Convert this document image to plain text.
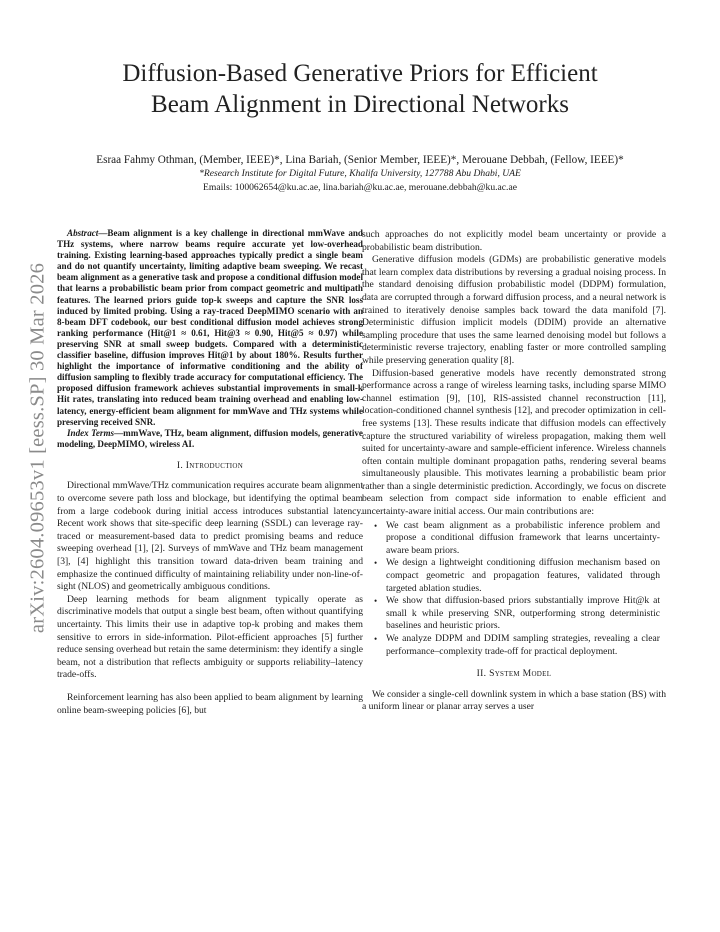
Diffusion-Based Generative Priors for Efficient
Beam Alignment in Directional Networks
Esraa Fahmy Othman, (Member, IEEE)*, Lina Bariah, (Senior Member, IEEE)*, Merouane Debbah, (Fellow, IEEE)*
*Research Institute for Digital Future, Khalifa University, 127788 Abu Dhabi, UAE
Emails: 100062654@ku.ac.ae, lina.bariah@ku.ac.ae, merouane.debbah@ku.ac.ae
arXiv:2604.09653v1 [eess.SP] 30 Mar 2026

Abstract—Beam alignment is a key challenge in directional mmWave and THz systems, where narrow beams require accurate yet low-overhead training. Existing learning-based approaches typically predict a single beam and do not quantify uncertainty, limiting adaptive beam sweeping. We recast beam alignment as a generative task and propose a conditional diffusion model that learns a probabilistic beam prior from compact geometric and multipath features. The learned priors guide top-k sweeps and capture the SNR loss induced by limited probing. Using a ray-traced DeepMIMO scenario with an 8-beam DFT codebook, our best conditional diffusion model achieves strong ranking performance (Hit@1 ≈ 0.61, Hit@3 ≈ 0.90, Hit@5 ≈ 0.97) while preserving SNR at small sweep budgets. Compared with a deterministic classifier baseline, diffusion improves Hit@1 by about 180%. Results further highlight the importance of informative conditioning and the ability of diffusion sampling to flexibly trade accuracy for computational efficiency. The proposed diffusion framework achieves substantial improvements in small-k Hit rates, translating into reduced beam training overhead and enabling low-latency, energy-efficient beam alignment for mmWave and THz systems while preserving received SNR.

Index Terms—mmWave, THz, beam alignment, diffusion models, generative modeling, DeepMIMO, wireless AI.

I. Introduction

Directional mmWave/THz communication requires accurate beam alignment to overcome severe path loss and blockage, but identifying the optimal beam from a large codebook during initial access introduces substantial latency. Recent work shows that site-specific deep learning (SSDL) can leverage ray-traced or measurement-based data to predict promising beams and reduce sweeping overhead [1], [2]. Surveys of mmWave and THz beam management [3], [4] highlight this transition toward data-driven beam training and emphasize the continued difficulty of maintaining reliability under non-line-of-sight (NLOS) and geometrically ambiguous conditions.

Deep learning methods for beam alignment typically operate as discriminative models that output a single best beam, often without quantifying uncertainty. This limits their use in adaptive top-k probing and makes them sensitive to errors in side-information. Pilot-efficient approaches [5] further reduce sensing overhead but retain the same determinism: they identify a single beam, not a distribution that reflects ambiguity or supports reliability–latency trade-offs.

Reinforcement learning has also been applied to beam alignment by learning online beam-sweeping policies [6], but

such approaches do not explicitly model beam uncertainty or provide a probabilistic beam distribution.

Generative diffusion models (GDMs) are probabilistic generative models that learn complex data distributions by reversing a gradual noising process. In the standard denoising diffusion probabilistic model (DDPM) formulation, data are corrupted through a forward diffusion process, and a neural network is trained to iteratively denoise samples back toward the data manifold [7]. Deterministic diffusion implicit models (DDIM) provide an alternative sampling procedure that uses the same learned denoising model but follows a deterministic reverse trajectory, enabling faster or more controlled sampling while preserving generation quality [8].

Diffusion-based generative models have recently demonstrated strong performance across a range of wireless learning tasks, including sparse MIMO channel estimation [9], [10], RIS-assisted channel reconstruction [11], location-conditioned channel synthesis [12], and precoder optimization in cell-free systems [13]. These results indicate that diffusion models can effectively capture the structured variability of wireless propagation, making them well suited for uncertainty-aware and sample-efficient inference. Wireless channels often contain multiple dominant propagation paths, rendering several beams simultaneously plausible. This motivates learning a probabilistic beam prior rather than a single deterministic prediction. Accordingly, we focus on discrete beam selection from compact side information to enable efficient and uncertainty-aware initial access. Our main contributions are:

• We cast beam alignment as a probabilistic inference problem and propose a conditional diffusion framework that learns uncertainty-aware beam priors.
• We design a lightweight conditioning diffusion mechanism based on compact geometric and propagation features, validated through targeted ablation studies.
• We show that diffusion-based priors substantially improve Hit@k at small k while preserving SNR, outperforming strong deterministic baselines and heuristic priors.
• We analyze DDPM and DDIM sampling strategies, revealing a clear performance–complexity trade-off for practical deployment.
II. System Model

We consider a single-cell downlink system in which a base station (BS) with a uniform linear or planar array serves a user
